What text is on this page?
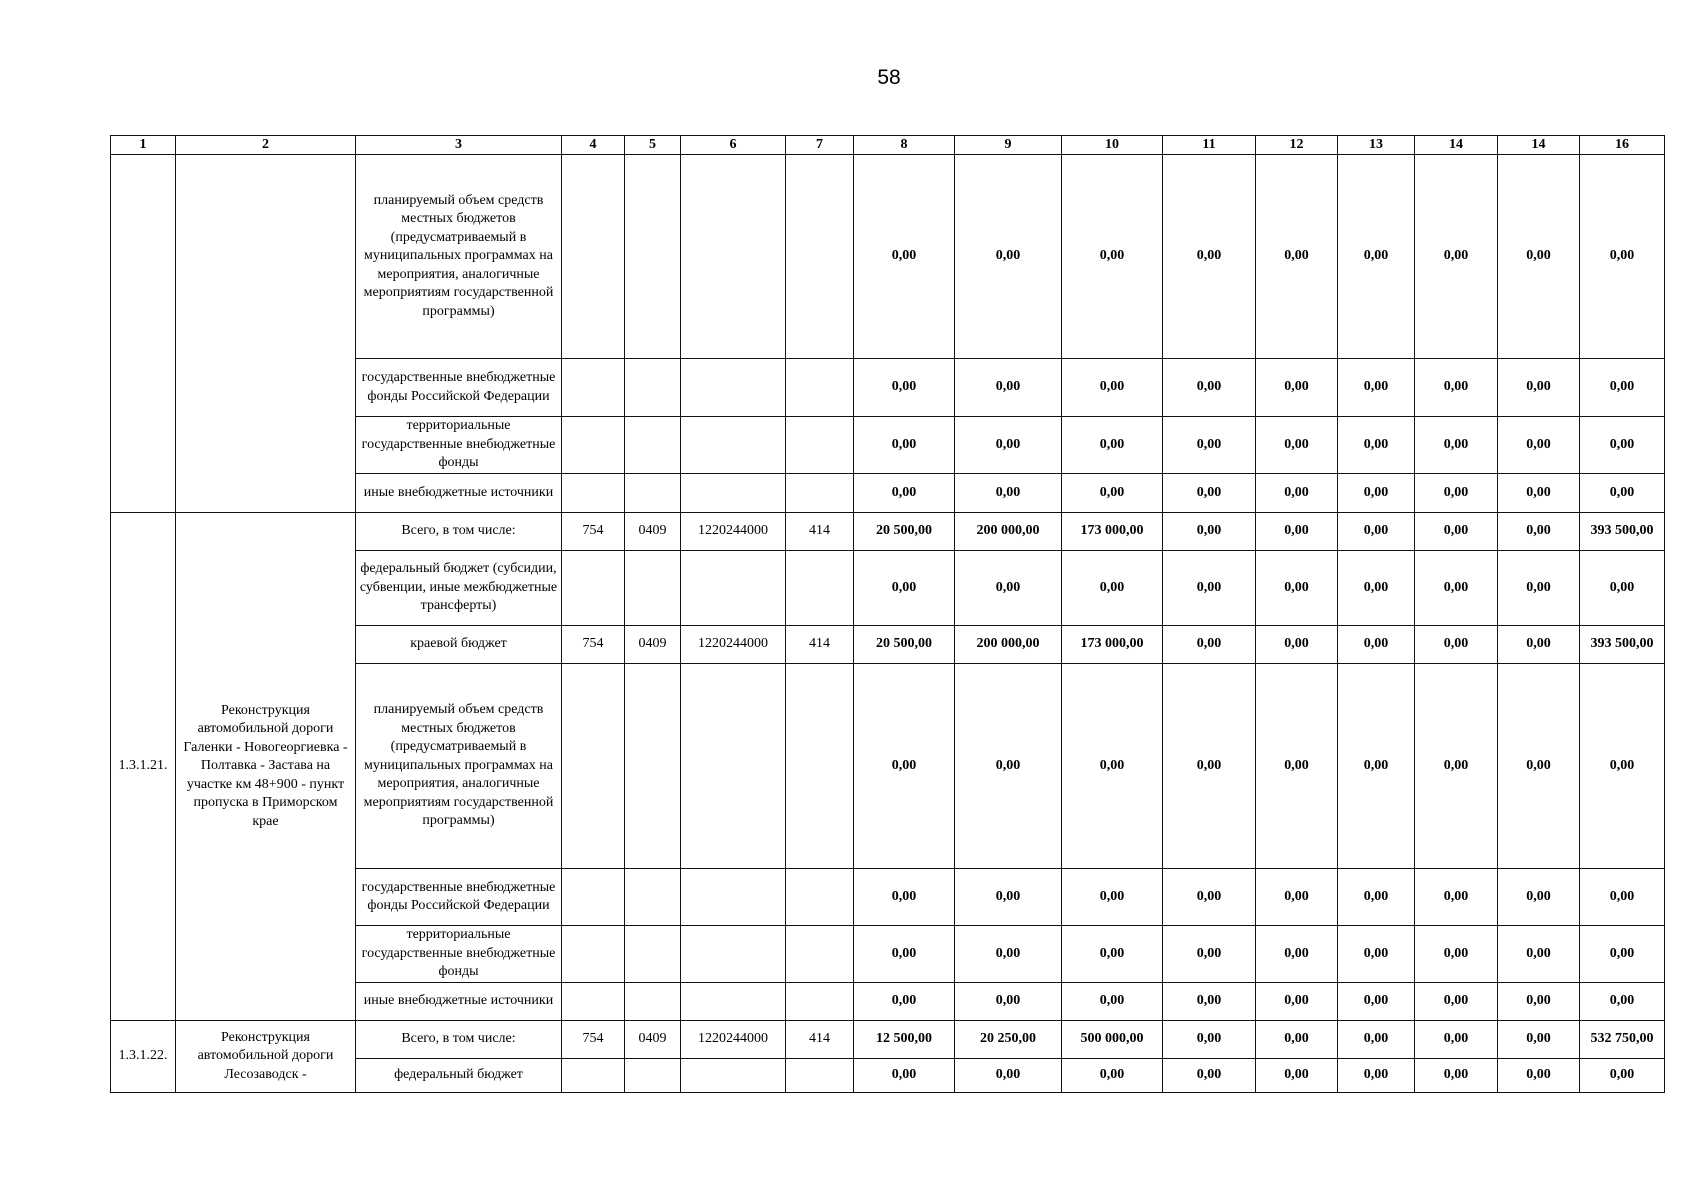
58
1	2	3	4	5	6	7	8	9	10	11	12	13	14	14	16
		планируемый объем средств местных бюджетов (предусматриваемый в муниципальных программах на мероприятия, аналогичные мероприятиям государственной программы)					0,00	0,00	0,00	0,00	0,00	0,00	0,00	0,00	0,00
		государственные внебюджетные фонды Российской Федерации					0,00	0,00	0,00	0,00	0,00	0,00	0,00	0,00	0,00
		территориальные государственные внебюджетные фонды					0,00	0,00	0,00	0,00	0,00	0,00	0,00	0,00	0,00
		иные внебюджетные источники					0,00	0,00	0,00	0,00	0,00	0,00	0,00	0,00	0,00
1.3.1.21.	Реконструкция автомобильной дороги Галенки - Новогеоргиевка - Полтавка - Застава на участке км 48+900 - пункт пропуска в Приморском крае	Всего, в том числе:	754	0409	1220244000	414	20 500,00	200 000,00	173 000,00	0,00	0,00	0,00	0,00	0,00	393 500,00
		федеральный бюджет (субсидии, субвенции, иные межбюджетные трансферты)					0,00	0,00	0,00	0,00	0,00	0,00	0,00	0,00	0,00
		краевой бюджет	754	0409	1220244000	414	20 500,00	200 000,00	173 000,00	0,00	0,00	0,00	0,00	0,00	393 500,00
		планируемый объем средств местных бюджетов (предусматриваемый в муниципальных программах на мероприятия, аналогичные мероприятиям государственной программы)					0,00	0,00	0,00	0,00	0,00	0,00	0,00	0,00	0,00
		государственные внебюджетные фонды Российской Федерации					0,00	0,00	0,00	0,00	0,00	0,00	0,00	0,00	0,00
		территориальные государственные внебюджетные фонды					0,00	0,00	0,00	0,00	0,00	0,00	0,00	0,00	0,00
		иные внебюджетные источники					0,00	0,00	0,00	0,00	0,00	0,00	0,00	0,00	0,00
1.3.1.22.	Реконструкция автомобильной дороги Лесозаводск -	Всего, в том числе:	754	0409	1220244000	414	12 500,00	20 250,00	500 000,00	0,00	0,00	0,00	0,00	0,00	532 750,00
		федеральный бюджет					0,00	0,00	0,00	0,00	0,00	0,00	0,00	0,00	0,00
